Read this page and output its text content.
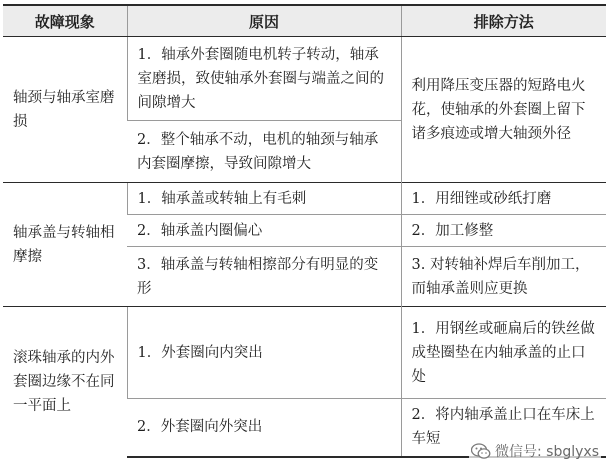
故障现象	原因	排除方法
轴颈与轴承室磨损	1．轴承外套圈随电机转子转动，轴承室磨损，致使轴承外套圈与端盖之间的间隙增大	利用降压变压器的短路电火花，使轴承的外套圈上留下诸多痕迹或增大轴颈外径
	2．整个轴承不动，电机的轴颈与轴承内套圈摩擦，导致间隙增大	
轴承盖与转轴相摩擦	1．轴承盖或转轴上有毛刺	1．用细锉或砂纸打磨
	2．轴承盖内圈偏心	2．加工修整
	3．轴承盖与转轴相擦部分有明显的变形	3. 对转轴补焊后车削加工，而轴承盖则应更换
滚珠轴承的内外套圈边缘不在同一平面上	1．外套圈向内突出	1．用钢丝或砸扁后的铁丝做成垫圈垫在内轴承盖的止口处
	2．外套圈向外突出	2．将内轴承盖止口在车床上车短
微信号: sbglyxs
